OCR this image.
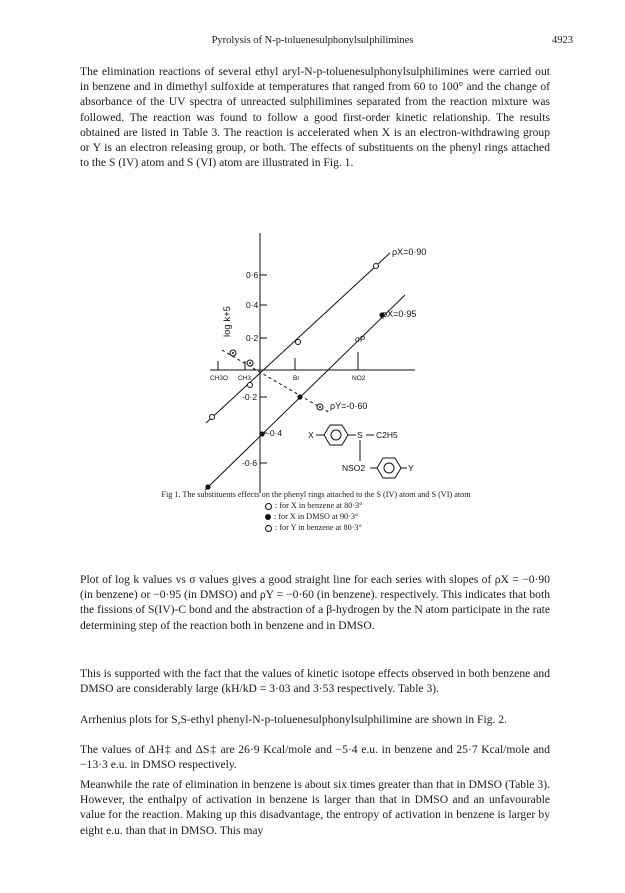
Pyrolysis of N-p-toluenesulphonylsulphilimines	4923

The elimination reactions of several ethyl aryl-N-p-toluenesulphonylsulphilimines were carried out in benzene and in dimethyl sulfoxide at temperatures that ranged from 60 to 100° and the change of absorbance of the UV spectra of unreacted sulphilimines separated from the reaction mixture was followed. The reaction was found to follow a good first-order kinetic relationship. The results obtained are listed in Table 3. The reaction is accelerated when X is an electron-withdrawing group or Y is an electron releasing group, or both. The effects of substituents on the phenyl rings attached to the S (IV) atom and S (VI) atom are illustrated in Fig. 1.

0·6
0·4
0·2
-0·2
-0·4
-0·6
log k+5
CH3O CH3	Br	NO2
σP
ρX=0·90
ρX=0·95
ρY=-0·60
X	S C2H5
NSO2	Y
Fig 1. The substituents effects on the phenyl rings attached to the S (IV) atom and S (VI) atom
: for X in benzene at 80·3°
: for X in DMSO at 90·3°
: for Y in benzene at 80·3°

Plot of log k values vs σ values gives a good straight line for each series with slopes of ρX = −0·90 (in benzene) or −0·95 (in DMSO) and ρY = −0·60 (in benzene). respectively. This indicates that both the fissions of S(IV)-C bond and the abstraction of a β-hydrogen by the N atom participate in the rate determining step of the reaction both in benzene and in DMSO.

This is supported with the fact that the values of kinetic isotope effects observed in both benzene and DMSO are considerably large (kH/kD = 3·03 and 3·53 respectively. Table 3).

Arrhenius plots for S,S-ethyl phenyl-N-p-toluenesulphonylsulphilimine are shown in Fig. 2.

The values of ΔH‡ and ΔS‡ are 26·9 Kcal/mole and −5·4 e.u. in benzene and 25·7 Kcal/mole and −13·3 e.u. in DMSO respectively.

Meanwhile the rate of elimination in benzene is about six times greater than that in DMSO (Table 3). However, the enthalpy of activation in benzene is larger than that in DMSO and an unfavourable value for the reaction. Making up this disadvantage, the entropy of activation in benzene is larger by eight e.u. than that in DMSO. This may
